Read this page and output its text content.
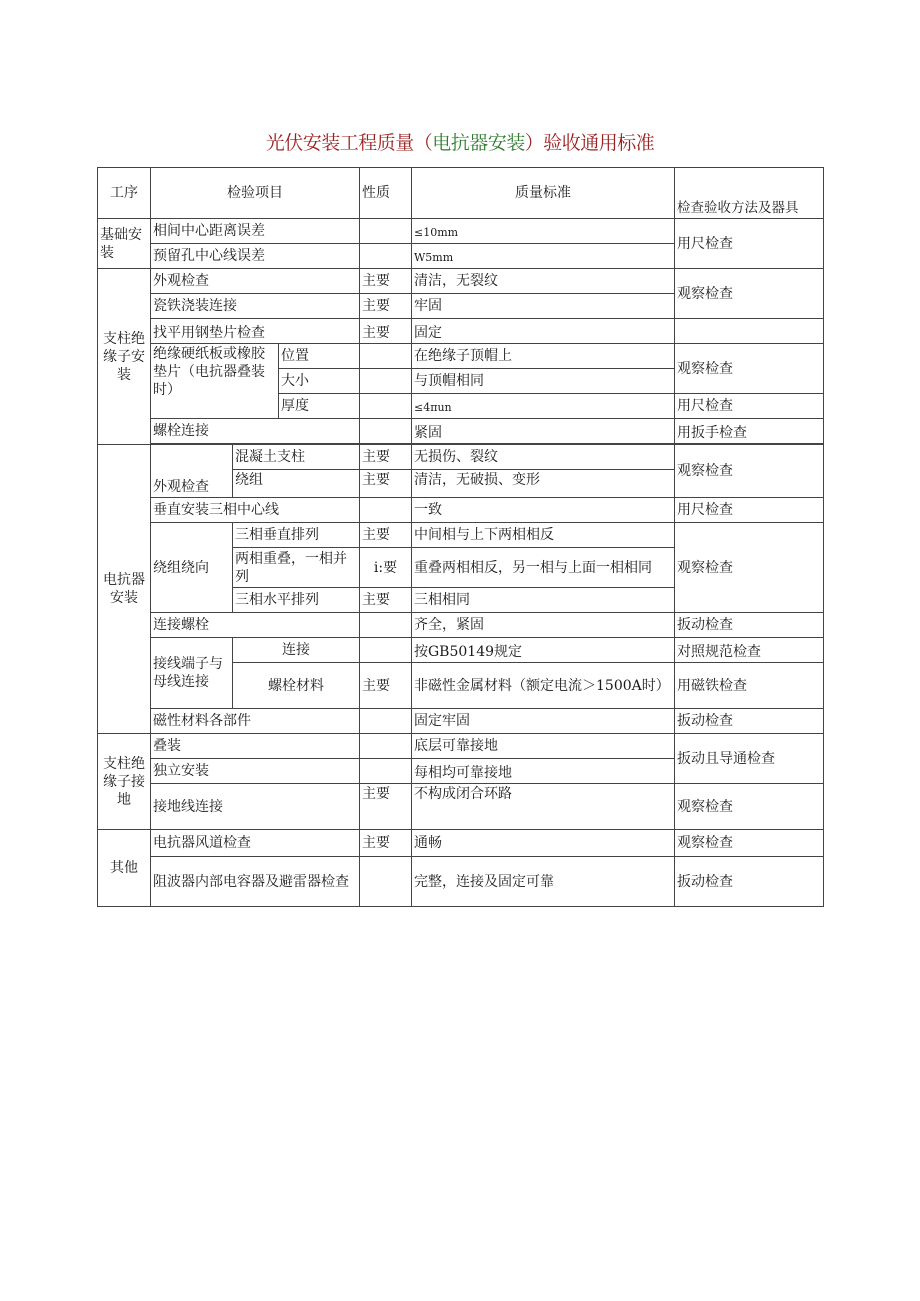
光伏安装工程质量（电抗器安装）验收通用标准
工序	检验项目			性质	质量标准	检查验收方法及器具
基础安装	相间中心距离误差				≤10mm	用尺检查
	预留孔中心线误差				W5mm	
支柱绝缘子安装	外观检查			主要	清洁，无裂纹	观察检查
	瓷铁浇装连接			主要	牢固	
	找平用钢垫片检查			主要	固定	
	绝缘硬纸板或橡胶垫片（电抗器叠装时）		位置		在绝缘子顶帽上	观察检查
			大小		与顶帽相同	
			厚度		≤4πun	用尺检查
	螺栓连接				紧固	用扳手检查

电抗器安装	外观检查	混凝土支柱		主要	无损伤、裂纹	观察检查
		绕组		主要	清洁，无破损、变形	
	垂直安装三相中心线				一致	用尺检查
	绕组绕向	三相垂直排列		主要	中间相与上下两相相反	观察检查
		两相重叠，一相并列		i:要	重叠两相相反，另一相与上面一相相同	
		三相水平排列		主要	三相相同	
	连接螺栓				齐全，紧固	扳动检查
	接线端子与母线连接	连接			按GB50149规定	对照规范检查
		螺栓材料		主要	非磁性金属材料（额定电流＞1500A时）	用磁铁检查
	磁性材料各部件				固定牢固	扳动检查
支柱绝缘子接地	叠装				底层可靠接地	扳动且导通检查
	独立安装				每相均可靠接地	
	接地线连接			主要	不构成闭合环路	观察检查
其他	电抗器风道检查			主要	通畅	观察检查
	阻波器内部电容器及避雷器检查				完整，连接及固定可靠	扳动检查
